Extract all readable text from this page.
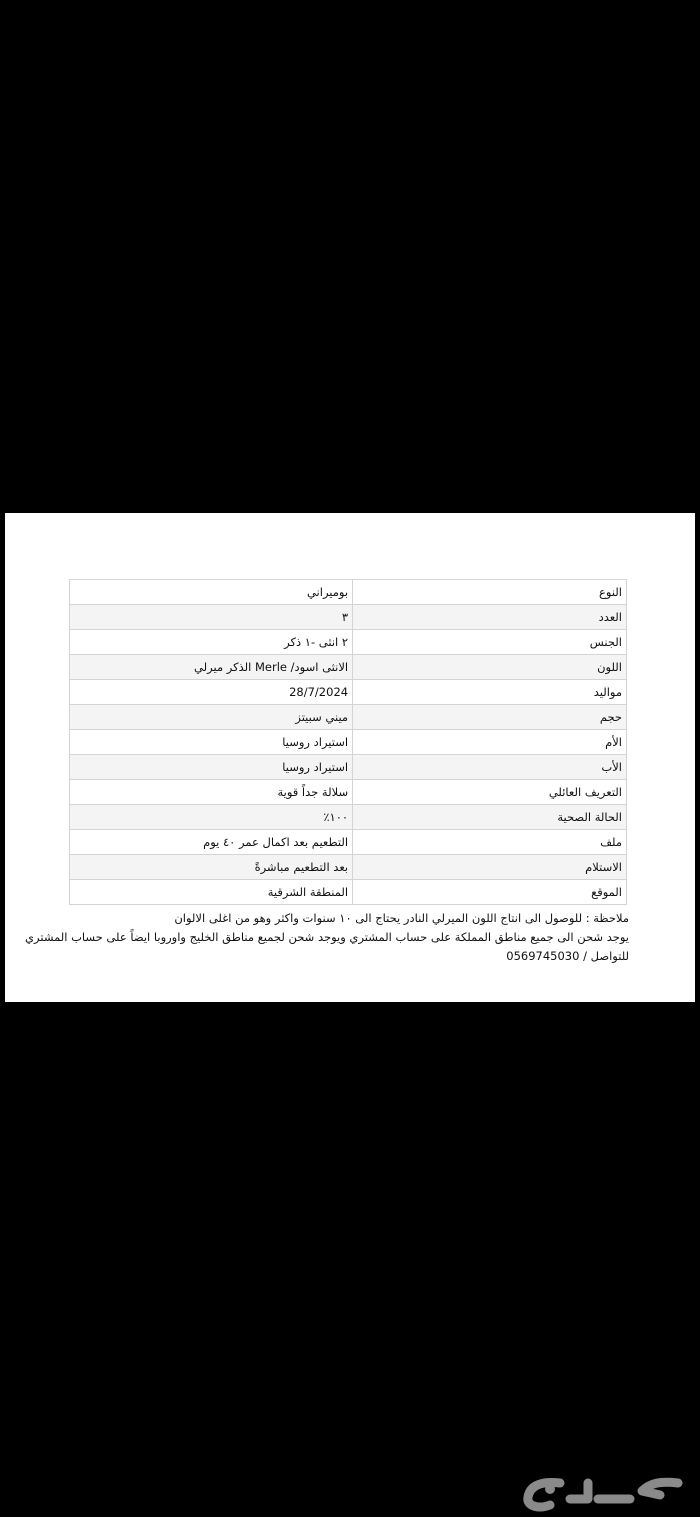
النوع	بوميراني
العدد	٣
الجنس	٢ انثى -١ ذكر
اللون	الانثى اسود/ Merle الذكر ميرلي
مواليد	28/7/2024
حجم	ميني سبيتز
الأم	استيراد روسيا
الأب	استيراد روسيا
التعريف العائلي	سلالة جداً قوية
الحالة الصحية	١٠٠٪
ملف	التطعيم بعد اكمال عمر ٤٠ يوم
الاستلام	بعد التطعيم مباشرةً
الموقع	المنطقة الشرقية
ملاحظة : للوصول الى انتاج اللون الميرلي النادر يحتاج الى ١٠ سنوات واكثر وهو من اغلى الالوان
يوجد شحن الى جميع مناطق المملكة على حساب المشتري ويوجد شحن لجميع مناطق الخليج واوروبا ايضاً على حساب المشتري
للتواصل / 0569745030
